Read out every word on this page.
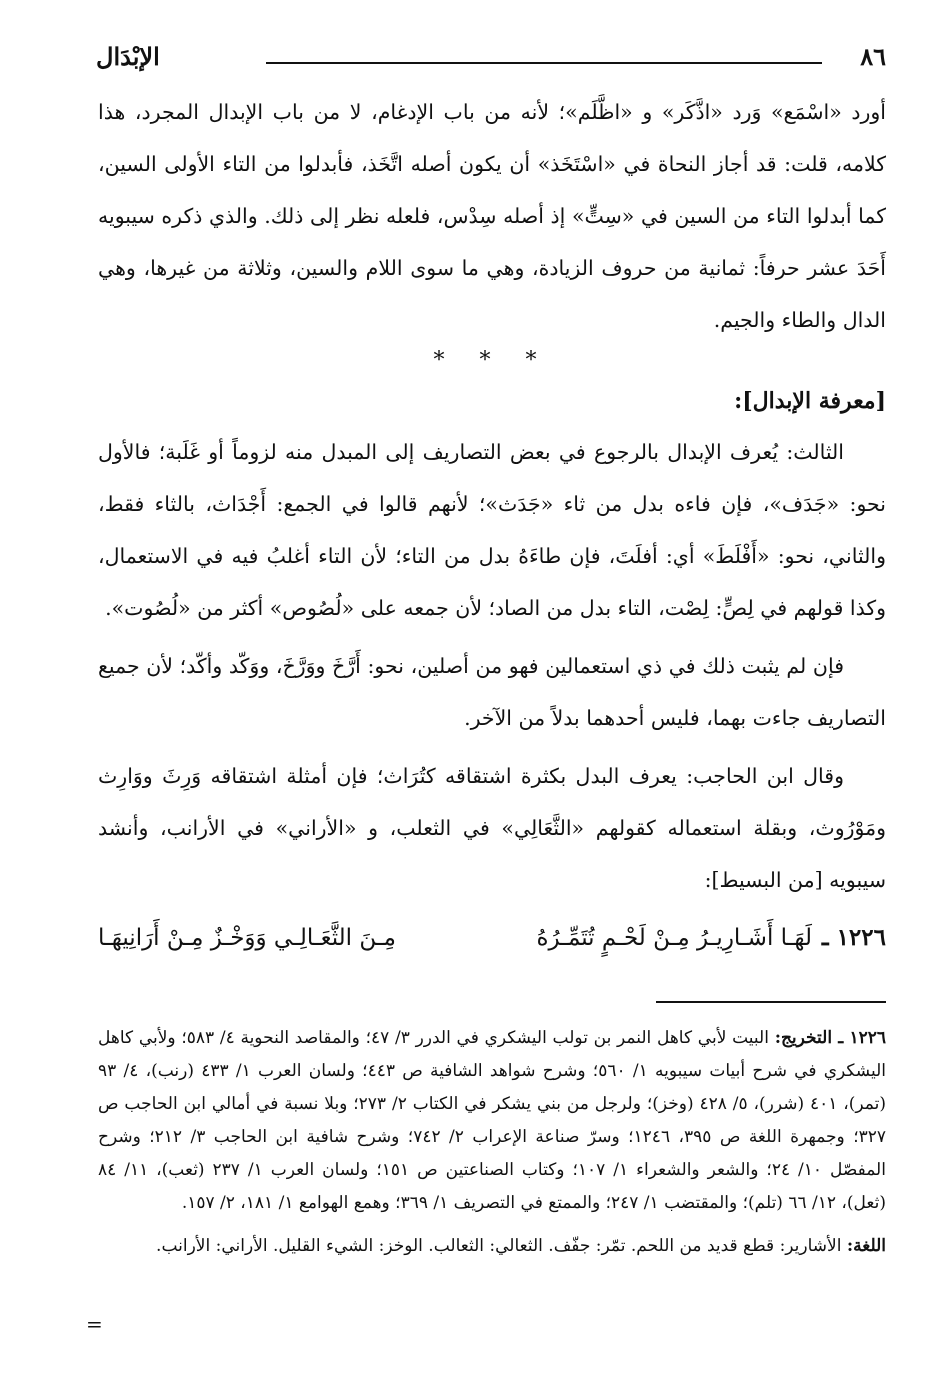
٨٦
الإبْدَال

أورد «اسْمَع» وَرد «اذَّكَر» و «اظَّلَم»؛ لأنه من باب الإدغام، لا من باب الإبدال المجرد، هذا كلامه، قلت: قد أجاز النحاة في «اسْتَخَذ» أن يكون أصله اتَّخَذ، فأبدلوا من التاء الأولى السين، كما أبدلوا التاء من السين في «سِتٍّ» إذ أصله سِدْس، فلعله نظر إلى ذلك. والذي ذكره سيبويه أَحَدَ عشر حرفاً: ثمانية من حروف الزيادة، وهي ما سوى اللام والسين، وثلاثة من غيرها، وهي الدال والطاء والجيم.

* * *

[معرفة الإبدال]:

الثالث: يُعرف الإبدال بالرجوع في بعض التصاريف إلى المبدل منه لزوماً أو غَلَبة؛ فالأول نحو: «جَدَف»، فإن فاءه بدل من ثاء «جَدَث»؛ لأنهم قالوا في الجمع: أَجْدَاث، بالثاء فقط، والثاني، نحو: «أَفْلَطَ» أي: أفلَتَ، فإن طاءَهُ بدل من التاء؛ لأن التاء أغلبُ فيه في الاستعمال، وكذا قولهم في لِصٍّ: لِصْت، التاء بدل من الصاد؛ لأن جمعه على «لُصُوص» أكثر من «لُصُوت».

فإن لم يثبت ذلك في ذي استعمالين فهو من أصلين، نحو: أَرَّخَ ووَرَّخَ، ووَكّد وأكّد؛ لأن جميع التصاريف جاءت بهما، فليس أحدهما بدلاً من الآخر.

وقال ابن الحاجب: يعرف البدل بكثرة اشتقاقه كتُرَاث؛ فإن أمثلة اشتقاقه وَرِثَ ووَارِث ومَوْرُوث، وبقلة استعماله كقولهم «الثَّعَالِي» في الثعلب، و «الأراني» في الأرانب، وأنشد سيبويه [من البسيط]:

١٢٢٦ ـ
لَهَـا أَشَـارِيـرُ مِـنْ لَحْـمٍ تُتَمِّـرُهُ
مِـنَ الثَّعَـالِـي وَوَخْـزٌ مِـنْ أَرَانِيهَـا

١٢٢٦ ـ التخريج: البيت لأبي كاهل النمر بن تولب اليشكري في الدرر ٣/ ٤٧؛ والمقاصد النحوية ٤/ ٥٨٣؛ ولأبي كاهل اليشكري في شرح أبيات سيبويه ١/ ٥٦٠؛ وشرح شواهد الشافية ص ٤٤٣؛ ولسان العرب ١/ ٤٣٣ (رنب)، ٤/ ٩٣ (تمر)، ٤٠١ (شرر)، ٥/ ٤٢٨ (وخز)؛ ولرجل من بني يشكر في الكتاب ٢/ ٢٧٣؛ وبلا نسبة في أمالي ابن الحاجب ص ٣٢٧؛ وجمهرة اللغة ص ٣٩٥، ١٢٤٦؛ وسرّ صناعة الإعراب ٢/ ٧٤٢؛ وشرح شافية ابن الحاجب ٣/ ٢١٢؛ وشرح المفصّل ١٠/ ٢٤؛ والشعر والشعراء ١/ ١٠٧؛ وكتاب الصناعتين ص ١٥١؛ ولسان العرب ١/ ٢٣٧ (ثعب)، ١١/ ٨٤ (ثعل)، ١٢/ ٦٦ (تلم)؛ والمقتضب ١/ ٢٤٧؛ والممتع في التصريف ١/ ٣٦٩؛ وهمع الهوامع ١/ ١٨١، ٢/ ١٥٧.

اللغة: الأشارير: قطع قديد من اللحم. تمّر: جفّف. الثعالي: الثعالب. الوخز: الشيء القليل. الأراني: الأرانب.

=
